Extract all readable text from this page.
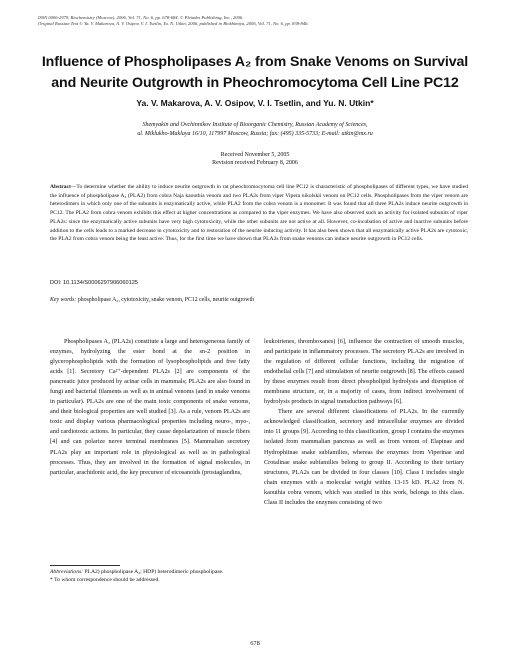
ISSN 0006-2979, Biochemistry (Moscow), 2006, Vol. 71, No. 6, pp. 678-684. © Pleiades Publishing, Inc., 2006.
Original Russian Text © Ya. V. Makarova, A. V. Osipov, V. I. Tsetlin, Yu. N. Utkin, 2006, published in Biokhimiya, 2006, Vol. 71, No. 6, pp. 838-846.
Influence of Phospholipases A₂ from Snake Venoms on Survival and Neurite Outgrowth in Pheochromocytoma Cell Line PC12
Ya. V. Makarova, A. V. Osipov, V. I. Tsetlin, and Yu. N. Utkin*
Shemyakin and Ovchinnikov Institute of Bioorganic Chemistry, Russian Academy of Sciences,
ul. Miklukho-Maklaya 16/10, 117997 Moscow, Russia; fax: (495) 335-5733; E-mail: utkin@mx.ru
Received November 5, 2005
Revision received February 8, 2006
Abstract—To determine whether the ability to induce neurite outgrowth in rat pheochromocytoma cell line PC12 is characteristic of phospholipases of different types, we have studied the influence of phospholipase A₂ (PLA2) from cobra Naja kaouthia venom and two PLA2s from viper Vipera nikolskii venom on PC12 cells. Phospholipases from the viper venom are heterodimers in which only one of the subunits is enzymatically active, while PLA2 from the cobra venom is a monomer. It was found that all three PLA2s induce neurite outgrowth in PC12. The PLA2 from cobra venom exhibits this effect at higher concentrations as compared to the viper enzymes. We have also observed such an activity for isolated subunits of viper PLA2s: since the enzymatically active subunits have very high cytotoxicity, while the other subunits are not active at all. However, co-incubation of active and inactive subunits before addition to the cells leads to a marked decrease in cytotoxicity and to restoration of the neurite inducing activity. It has also been shown that all enzymatically active PLA2s are cytotoxic, the PLA2 from cobra venom being the least active. Thus, for the first time we have shown that PLA2s from snake venoms can induce neurite outgrowth in PC12 cells.
DOI: 10.1134/S0006297906060125
Key words: phospholipase A₂, cytotoxicity, snake venom, PC12 cells, neurite outgrowth

Phospholipases A₂ (PLA2s) constitute a large and heterogeneous family of enzymes, hydrolyzing the ester bond at the sn-2 position in glycerophospholipids with the formation of lysophospholipids and free fatty acids [1]. Secretory Ca²⁺-dependent PLA2s [2] are components of the pancreatic juice produced by acinar cells in mammals; PLA2s are also found in fungi and bacterial filaments as well as in animal venoms (and in snake venoms in particular). PLA2s are one of the main toxic components of snake venoms, and their biological properties are well studied [3]. As a rule, venom PLA2s are toxic and display various pharmacological properties including neuro-, myo-, and cardiotoxic actions. In particular, they cause depolarization of muscle fibers [4] and can polarize nerve terminal membranes [5]. Mammalian secretory PLA2s play an important role in physiological as well as in pathological processes. Thus, they are involved in the formation of signal molecules, in particular, arachidonic acid, the key precursor of eicosanoids (prostaglandins,

leukotrienes, thromboxanes) [6], influence the contraction of smooth muscles, and participate in inflammatory processes. The secretory PLA2s are involved in the regulation of different cellular functions, including the migration of endothelial cells [7] and stimulation of neurite outgrowth [8]. The effects caused by these enzymes result from direct phospholipid hydrolysis and disruption of membrane structure, or, in a majority of cases, from indirect involvement of hydrolysis products in signal transduction pathways [6].

There are several different classifications of PLA2s. In the currently acknowledged classification, secretory and intracellular enzymes are divided into 11 groups [9]. According to this classification, group I contains the enzymes isolated from mammalian pancreas as well as from venom of Elapinae and Hydrophiinae snake subfamilies, whereas the enzymes from Viperinae and Crotalinae snake subfamilies belong to group II. According to their tertiary structures, PLA2s can be divided in four classes [10]. Class I includes single chain enzymes with a molecular weight within 13-15 kD. PLA2 from N. kaouthia cobra venom, which was studied in this work, belongs to this class. Class II includes the enzymes consisting of two

Abbreviations: PLA2) phospholipase A₂; HDP) heterodimeric phospholipase.
* To whom correspondence should be addressed.
678
